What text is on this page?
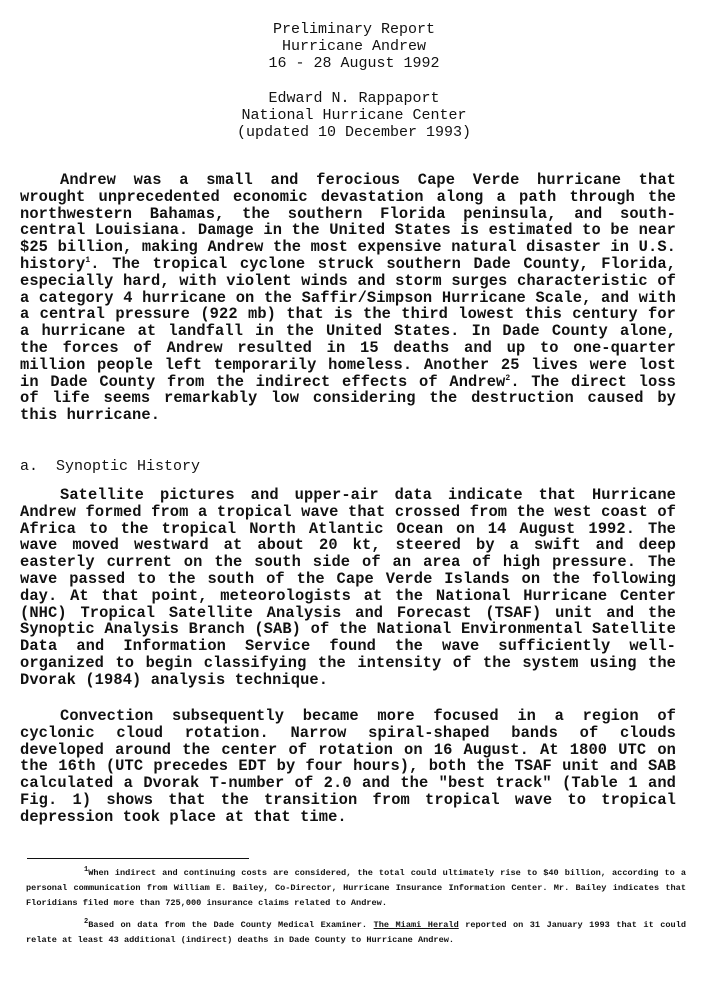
Preliminary Report
Hurricane Andrew
16 - 28 August 1992
Edward N. Rappaport
National Hurricane Center
(updated 10 December 1993)
Andrew was a small and ferocious Cape Verde hurricane that wrought unprecedented economic devastation along a path through the northwestern Bahamas, the southern Florida peninsula, and south-central Louisiana. Damage in the United States is estimated to be near $25 billion, making Andrew the most expensive natural disaster in U.S. history$^1$. The tropical cyclone struck southern Dade County, Florida, especially hard, with violent winds and storm surges characteristic of a category 4 hurricane on the Saffir/Simpson Hurricane Scale, and with a central pressure (922 mb) that is the third lowest this century for a hurricane at landfall in the United States. In Dade County alone, the forces of Andrew resulted in 15 deaths and up to one-quarter million people left temporarily homeless. Another 25 lives were lost in Dade County from the indirect effects of Andrew$^2$. The direct loss of life seems remarkably low considering the destruction caused by this hurricane.
a.  Synoptic History
Satellite pictures and upper-air data indicate that Hurricane Andrew formed from a tropical wave that crossed from the west coast of Africa to the tropical North Atlantic Ocean on 14 August 1992. The wave moved westward at about 20 kt, steered by a swift and deep easterly current on the south side of an area of high pressure. The wave passed to the south of the Cape Verde Islands on the following day. At that point, meteorologists at the National Hurricane Center (NHC) Tropical Satellite Analysis and Forecast (TSAF) unit and the Synoptic Analysis Branch (SAB) of the National Environmental Satellite Data and Information Service found the wave sufficiently well-organized to begin classifying the intensity of the system using the Dvorak (1984) analysis technique.
Convection subsequently became more focused in a region of cyclonic cloud rotation. Narrow spiral-shaped bands of clouds developed around the center of rotation on 16 August. At 1800 UTC on the 16th (UTC precedes EDT by four hours), both the TSAF unit and SAB calculated a Dvorak T-number of 2.0 and the "best track" (Table 1 and Fig. 1) shows that the transition from tropical wave to tropical depression took place at that time.
$^1$When indirect and continuing costs are considered, the total could ultimately rise to $40 billion, according to a personal communication from William E. Bailey, Co-Director, Hurricane Insurance Information Center. Mr. Bailey indicates that Floridians filed more than 725,000 insurance claims related to Andrew.
$^2$Based on data from the Dade County Medical Examiner. The Miami Herald reported on 31 January 1993 that it could relate at least 43 additional (indirect) deaths in Dade County to Hurricane Andrew.
